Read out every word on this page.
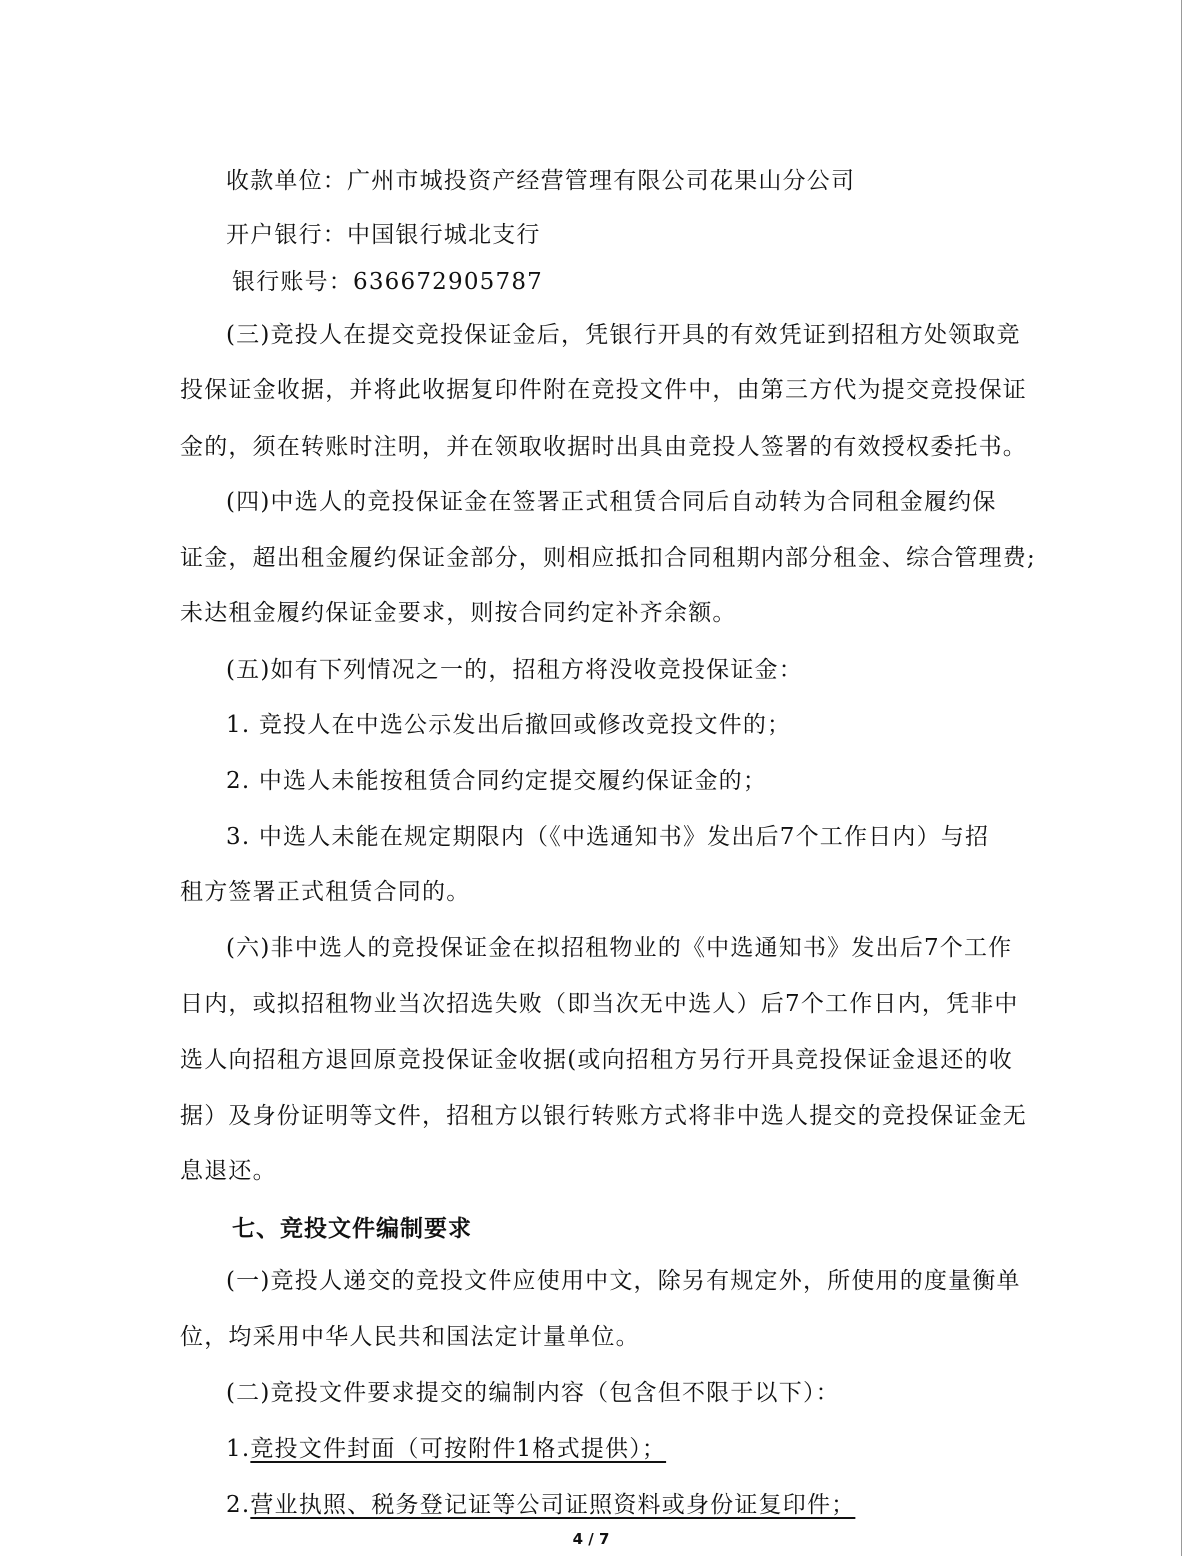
收款单位：广州市城投资产经营管理有限公司花果山分公司
开户银行：中国银行城北支行
银行账号：636672905787
(三)竞投人在提交竞投保证金后，凭银行开具的有效凭证到招租方处领取竞
投保证金收据，并将此收据复印件附在竞投文件中，由第三方代为提交竞投保证
金的，须在转账时注明，并在领取收据时出具由竞投人签署的有效授权委托书。
(四)中选人的竞投保证金在签署正式租赁合同后自动转为合同租金履约保
证金，超出租金履约保证金部分，则相应抵扣合同租期内部分租金、综合管理费;
未达租金履约保证金要求，则按合同约定补齐余额。
(五)如有下列情况之一的，招租方将没收竞投保证金：
1. 竞投人在中选公示发出后撤回或修改竞投文件的；
2. 中选人未能按租赁合同约定提交履约保证金的；
3. 中选人未能在规定期限内（《中选通知书》发出后7个工作日内）与招
租方签署正式租赁合同的。
(六)非中选人的竞投保证金在拟招租物业的《中选通知书》发出后7个工作
日内，或拟招租物业当次招选失败（即当次无中选人）后7个工作日内，凭非中
选人向招租方退回原竞投保证金收据(或向招租方另行开具竞投保证金退还的收
据）及身份证明等文件，招租方以银行转账方式将非中选人提交的竞投保证金无
息退还。
七、竞投文件编制要求
(一)竞投人递交的竞投文件应使用中文，除另有规定外，所使用的度量衡单
位，均采用中华人民共和国法定计量单位。
(二)竞投文件要求提交的编制内容（包含但不限于以下）：
1.竞投文件封面（可按附件1格式提供）；
2.营业执照、税务登记证等公司证照资料或身份证复印件；
4 / 7
